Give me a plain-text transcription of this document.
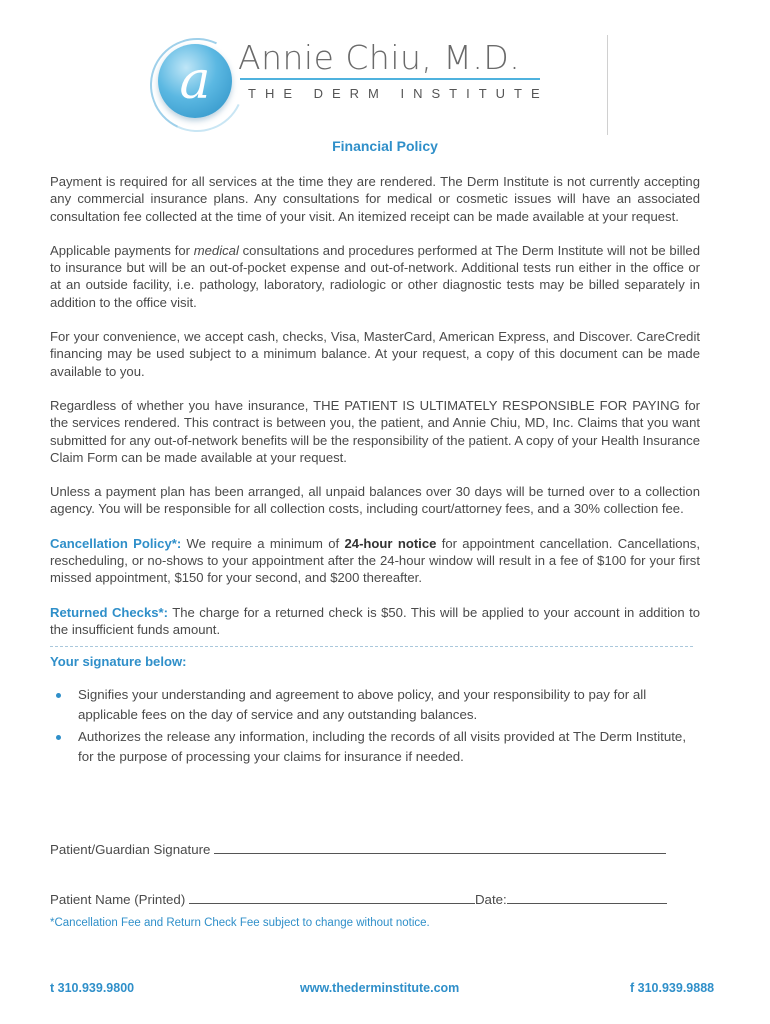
a Annie Chiu, M.D.
THE DERM INSTITUTE
Financial Policy

Payment is required for all services at the time they are rendered. The Derm Institute is not currently accepting any commercial insurance plans. Any consultations for medical or cosmetic issues will have an associated consultation fee collected at the time of your visit. An itemized receipt can be made available at your request.

Applicable payments for medical consultations and procedures performed at The Derm Institute will not be billed to insurance but will be an out-of-pocket expense and out-of-network. Additional tests run either in the office or at an outside facility, i.e. pathology, laboratory, radiologic or other diagnostic tests may be billed separately in addition to the office visit.

For your convenience, we accept cash, checks, Visa, MasterCard, American Express, and Discover. CareCredit financing may be used subject to a minimum balance. At your request, a copy of this document can be made available to you.

Regardless of whether you have insurance, THE PATIENT IS ULTIMATELY RESPONSIBLE FOR PAYING for the services rendered. This contract is between you, the patient, and Annie Chiu, MD, Inc. Claims that you want submitted for any out-of-network benefits will be the responsibility of the patient. A copy of your Health Insurance Claim Form can be made available at your request.

Unless a payment plan has been arranged, all unpaid balances over 30 days will be turned over to a collection agency. You will be responsible for all collection costs, including court/attorney fees, and a 30% collection fee.

Cancellation Policy*: We require a minimum of 24-hour notice for appointment cancellation. Cancellations, rescheduling, or no-shows to your appointment after the 24-hour window will result in a fee of $100 for your first missed appointment, $150 for your second, and $200 thereafter.

Returned Checks*: The charge for a returned check is $50. This will be applied to your account in addition to the insufficient funds amount.

Your signature below:

Signifies your understanding and agreement to above policy, and your responsibility to pay for all applicable fees on the day of service and any outstanding balances.
Authorizes the release any information, including the records of all visits provided at The Derm Institute, for the purpose of processing your claims for insurance if needed.
Patient/Guardian Signature
Patient Name (Printed)	Date:
*Cancellation Fee and Return Check Fee subject to change without notice.
t 310.939.9800	www.thederminstitute.com	f 310.939.9888
